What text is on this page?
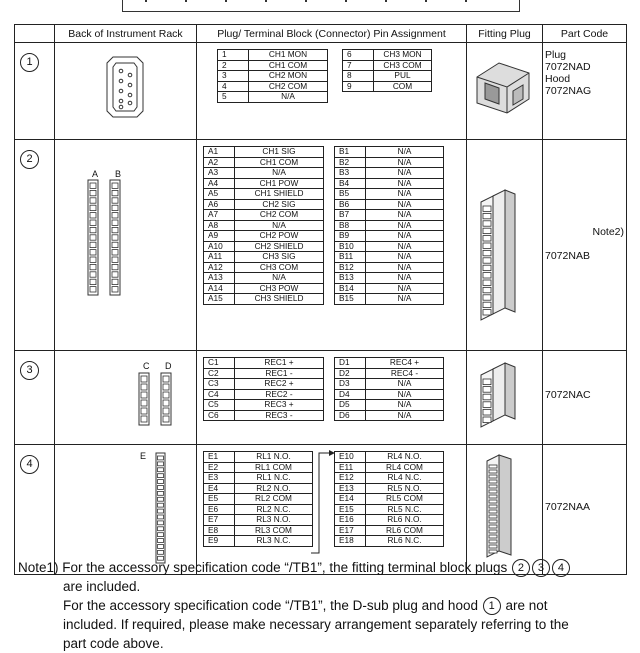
	Back of Instrument Rack	Plug/ Terminal Block (Connector) Pin Assignment	Fitting Plug	Part Code

1

1	CH1 MON
2	CH1 COM
3	CH2 MON
4	CH2 COM
5	N/A
6	CH3 MON
7	CH3 COM
8	PUL
9	COM

Plug
7072NAD
Hood
7072NAG

2

A B

A1	CH1 SIG
A2	CH1 COM
A3	N/A
A4	CH1 POW
A5	CH1 SHIELD
A6	CH2 SIG
A7	CH2 COM
A8	N/A
A9	CH2 POW
A10	CH2 SHIELD
A11	CH3 SIG
A12	CH3 COM
A13	N/A
A14	CH3 POW
A15	CH3 SHIELD
B1	N/A
B2	N/A
B3	N/A
B4	N/A
B5	N/A
B6	N/A
B7	N/A
B8	N/A
B9	N/A
B10	N/A
B11	N/A
B12	N/A
B13	N/A
B14	N/A
B15	N/A

Note2)
7072NAB

3	C D
		C1	REC1 +
C2	REC1 -
C3	REC2 +
C4	REC2 -
C5	REC3 +
C6	REC3 -
D1	REC4 +
D2	REC4 -
D3	N/A
D4	N/A
D5	N/A
D6	N/A

7072NAC

4

E
		E1	RL1 N.O.
E2	RL1 COM
E3	RL1 N.C.
E4	RL2 N.O.
E5	RL2 COM
E6	RL2 N.C.
E7	RL3 N.O.
E8	RL3 COM
E9	RL3 N.C.
E10	RL4 N.O.
E11	RL4 COM
E12	RL4 N.C.
E13	RL5 N.O.
E14	RL5 COM
E15	RL5 N.C.
E16	RL6 N.O.
E17	RL6 COM
E18	RL6 N.C.

7072NAA

Note1) For the accessory specification code “/TB1”, the fitting terminal block plugs 2 3 4

are included.

For the accessory specification code “/TB1”, the D-sub plug and hood 1 are not

included. If required, please make necessary arrangement separately referring to the

part code above.
